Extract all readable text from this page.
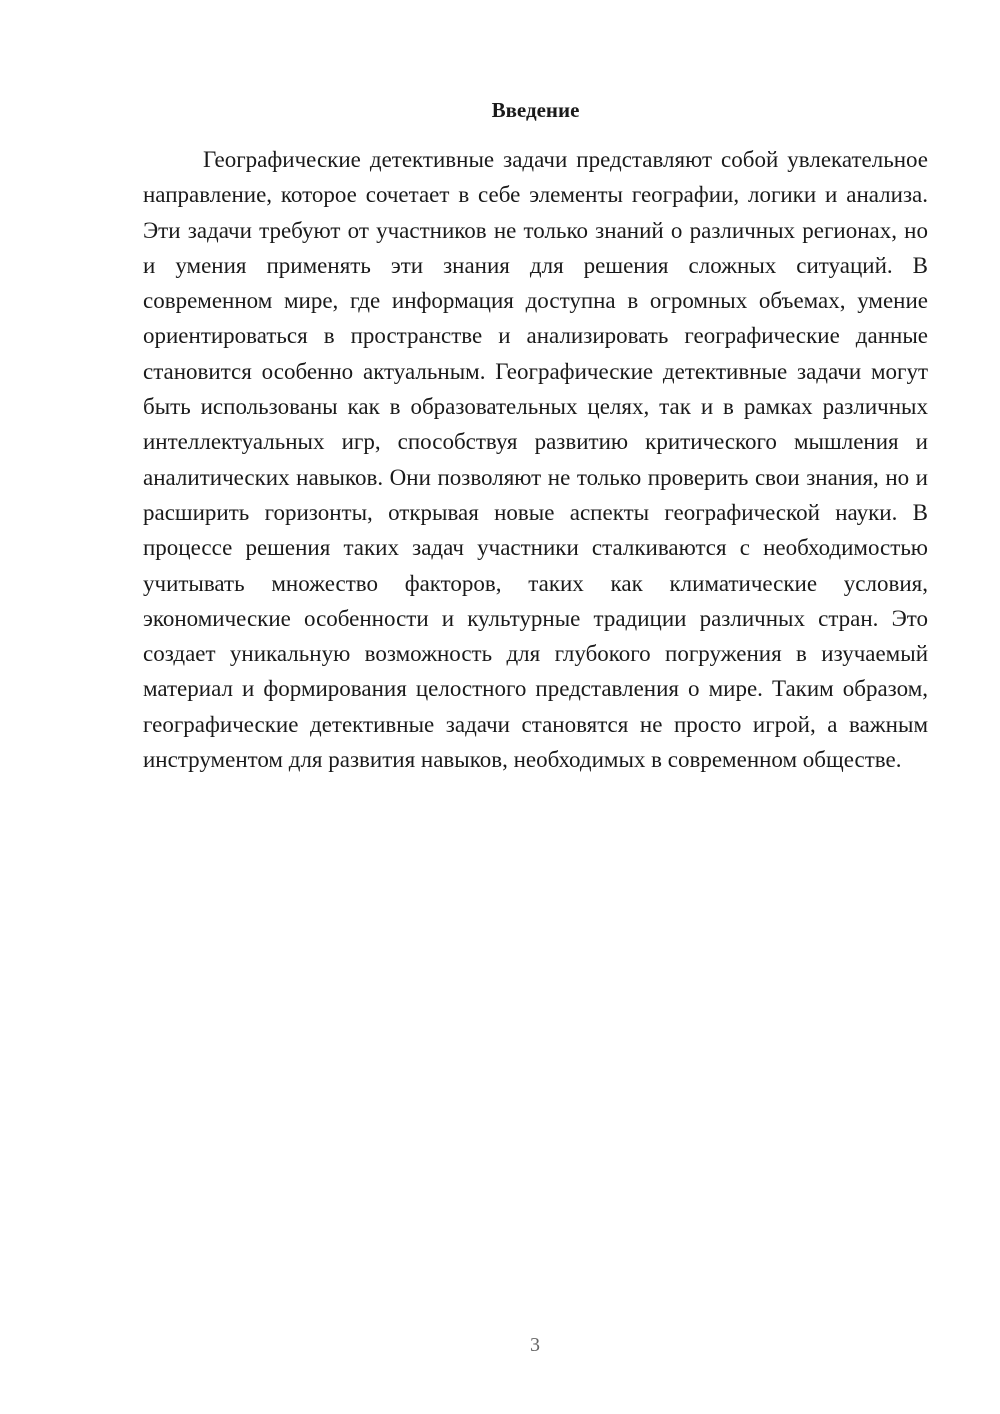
Введение

Географические детективные задачи представляют собой увлекательное направление, которое сочетает в себе элементы географии, логики и анализа. Эти задачи требуют от участников не только знаний о различных регионах, но и умения применять эти знания для решения сложных ситуаций. В современном мире, где информация доступна в огромных объемах, умение ориентироваться в пространстве и анализировать географические данные становится особенно актуальным. Географические детективные задачи могут быть использованы как в образовательных целях, так и в рамках различных интеллектуальных игр, способствуя развитию критического мышления и аналитических навыков. Они позволяют не только проверить свои знания, но и расширить горизонты, открывая новые аспекты географической науки. В процессе решения таких задач участники сталкиваются с необходимостью учитывать множество факторов, таких как климатические условия, экономические особенности и культурные традиции различных стран. Это создает уникальную возможность для глубокого погружения в изучаемый материал и формирования целостного представления о мире. Таким образом, географические детективные задачи становятся не просто игрой, а важным инструментом для развития навыков, необходимых в современном обществе.

3
